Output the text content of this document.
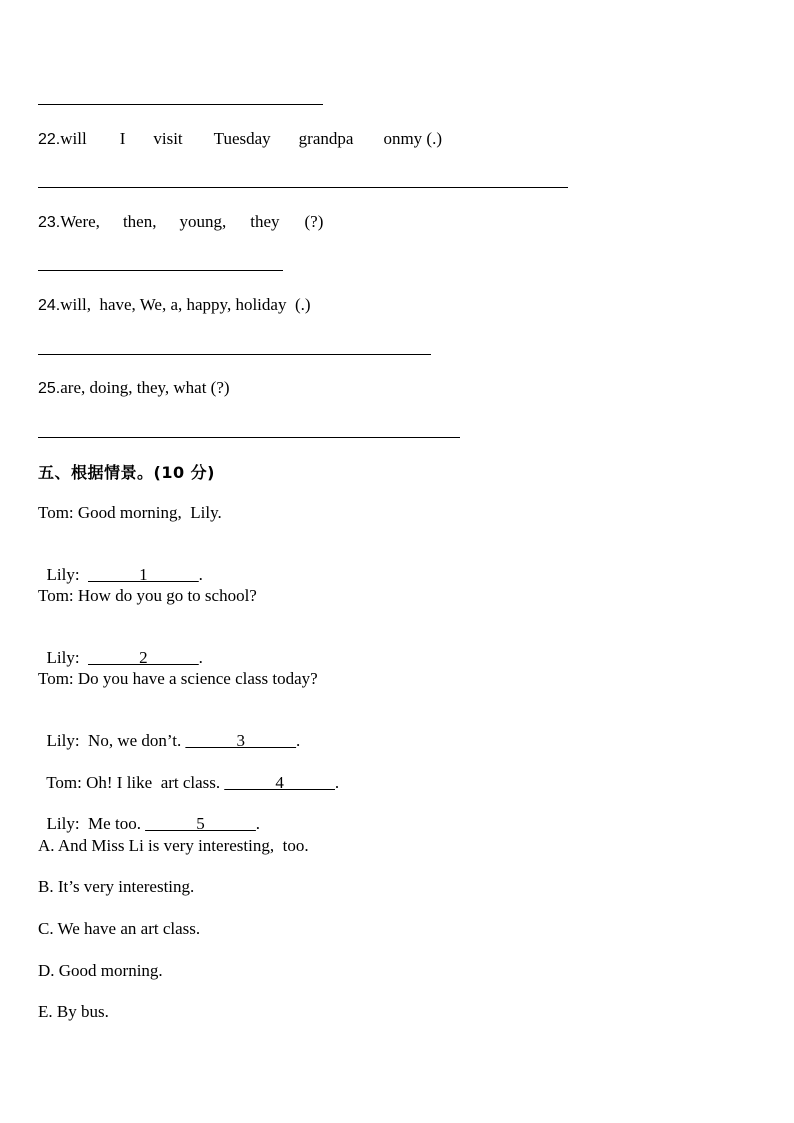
22.will I visit Tuesday grandpa onmy (.)
23.Were, then, young, they (?)
24.will,  have, We, a, happy, holiday  (.)
25.are, doing, they, what (?)
五、根据情景。(10 分)
Tom: Good morning,  Lily.

Lily:  ______1______.

Tom: How do you go to school?

Lily:  ______2______.

Tom: Do you have a science class today?

Lily:  No, we don’t. ______3______.

Tom: Oh! I like  art class. ______4______.

Lily:  Me too. ______5______.

A. And Miss Li is very interesting,  too.
B. It’s very interesting.
C. We have an art class.
D. Good morning.
E. By bus.
